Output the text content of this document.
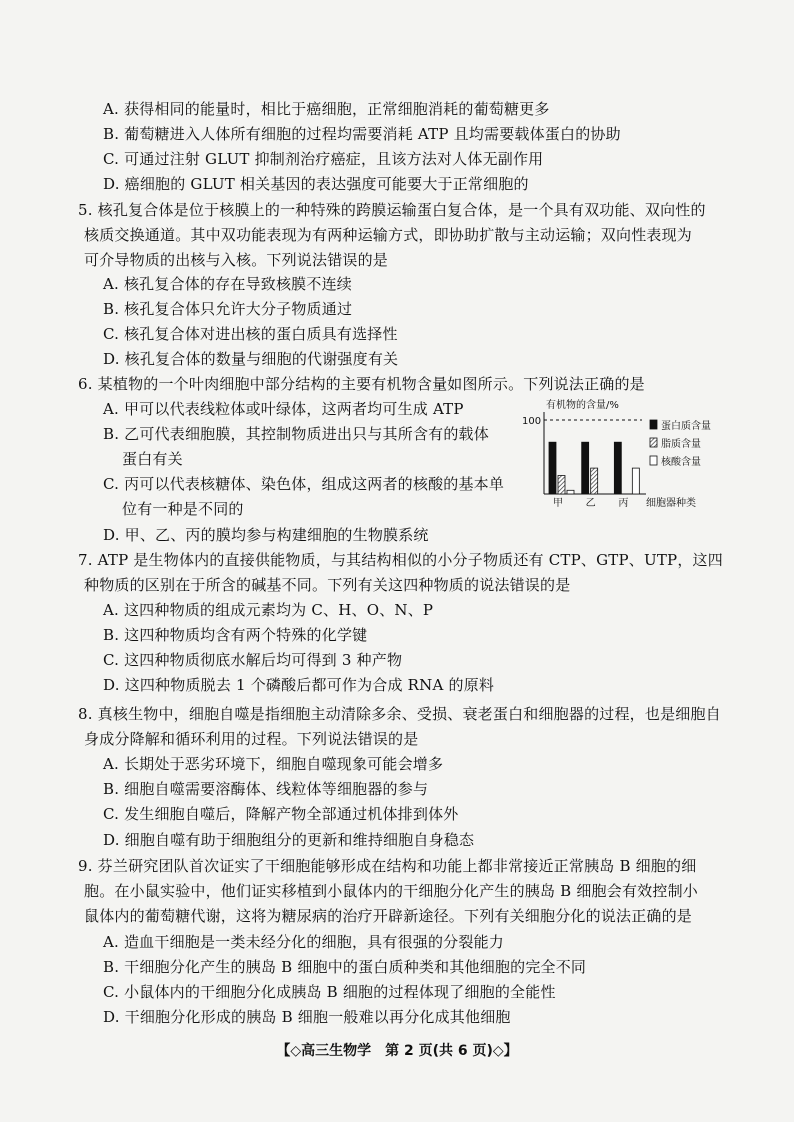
A. 获得相同的能量时，相比于癌细胞，正常细胞消耗的葡萄糖更多
B. 葡萄糖进入人体所有细胞的过程均需要消耗 ATP 且均需要载体蛋白的协助
C. 可通过注射 GLUT 抑制剂治疗癌症，且该方法对人体无副作用
D. 癌细胞的 GLUT 相关基因的表达强度可能要大于正常细胞的
5. 核孔复合体是位于核膜上的一种特殊的跨膜运输蛋白复合体，是一个具有双功能、双向性的
核质交换通道。其中双功能表现为有两种运输方式，即协助扩散与主动运输；双向性表现为
可介导物质的出核与入核。下列说法错误的是
A. 核孔复合体的存在导致核膜不连续
B. 核孔复合体只允许大分子物质通过
C. 核孔复合体对进出核的蛋白质具有选择性
D. 核孔复合体的数量与细胞的代谢强度有关
6. 某植物的一个叶肉细胞中部分结构的主要有机物含量如图所示。下列说法正确的是
A. 甲可以代表线粒体或叶绿体，这两者均可生成 ATP
B. 乙可代表细胞膜，其控制物质进出只与其所含有的载体
蛋白有关
C. 丙可以代表核糖体、染色体，组成这两者的核酸的基本单
位有一种是不同的
D. 甲、乙、丙的膜均参与构建细胞的生物膜系统
有机物的含量/%
100
甲 乙 丙 细胞器种类
蛋白质含量
脂质含量
核酸含量
7. ATP 是生物体内的直接供能物质，与其结构相似的小分子物质还有 CTP、GTP、UTP，这四
种物质的区别在于所含的碱基不同。下列有关这四种物质的说法错误的是
A. 这四种物质的组成元素均为 C、H、O、N、P
B. 这四种物质均含有两个特殊的化学键
C. 这四种物质彻底水解后均可得到 3 种产物
D. 这四种物质脱去 1 个磷酸后都可作为合成 RNA 的原料
8. 真核生物中，细胞自噬是指细胞主动清除多余、受损、衰老蛋白和细胞器的过程，也是细胞自
身成分降解和循环利用的过程。下列说法错误的是
A. 长期处于恶劣环境下，细胞自噬现象可能会增多
B. 细胞自噬需要溶酶体、线粒体等细胞器的参与
C. 发生细胞自噬后，降解产物全部通过机体排到体外
D. 细胞自噬有助于细胞组分的更新和维持细胞自身稳态
9. 芬兰研究团队首次证实了干细胞能够形成在结构和功能上都非常接近正常胰岛 B 细胞的细
胞。在小鼠实验中，他们证实移植到小鼠体内的干细胞分化产生的胰岛 B 细胞会有效控制小
鼠体内的葡萄糖代谢，这将为糖尿病的治疗开辟新途径。下列有关细胞分化的说法正确的是
A. 造血干细胞是一类未经分化的细胞，具有很强的分裂能力
B. 干细胞分化产生的胰岛 B 细胞中的蛋白质种类和其他细胞的完全不同
C. 小鼠体内的干细胞分化成胰岛 B 细胞的过程体现了细胞的全能性
D. 干细胞分化形成的胰岛 B 细胞一般难以再分化成其他细胞
【◇高三生物学　第 2 页(共 6 页)◇】
